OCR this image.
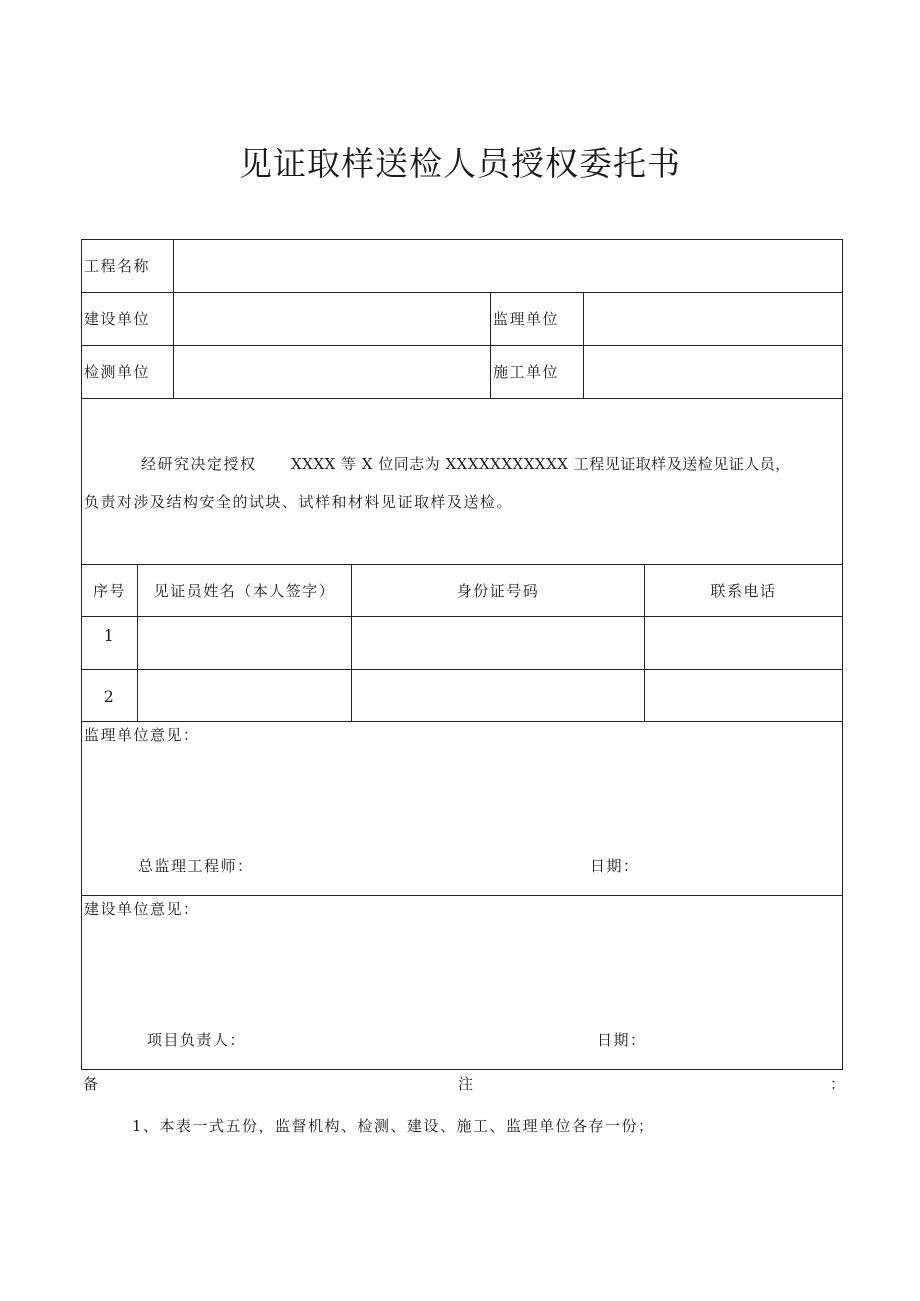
见证取样送检人员授权委托书
工程名称
建设单位	监理单位
检测单位	施工单位
经研究决定授权 XXXX 等 X 位同志为 XXXXXXXXXXX 工程见证取样及送检见证人员，
负责对涉及结构安全的试块、试样和材料见证取样及送检。
序号	见证员姓名（本人签字）	身份证号码	联系电话
1
2
监理单位意见：
总监理工程师：	日期：
建设单位意见：
项目负责人：	日期：
备	注	：
1、本表一式五份，监督机构、检测、建设、施工、监理单位各存一份；
